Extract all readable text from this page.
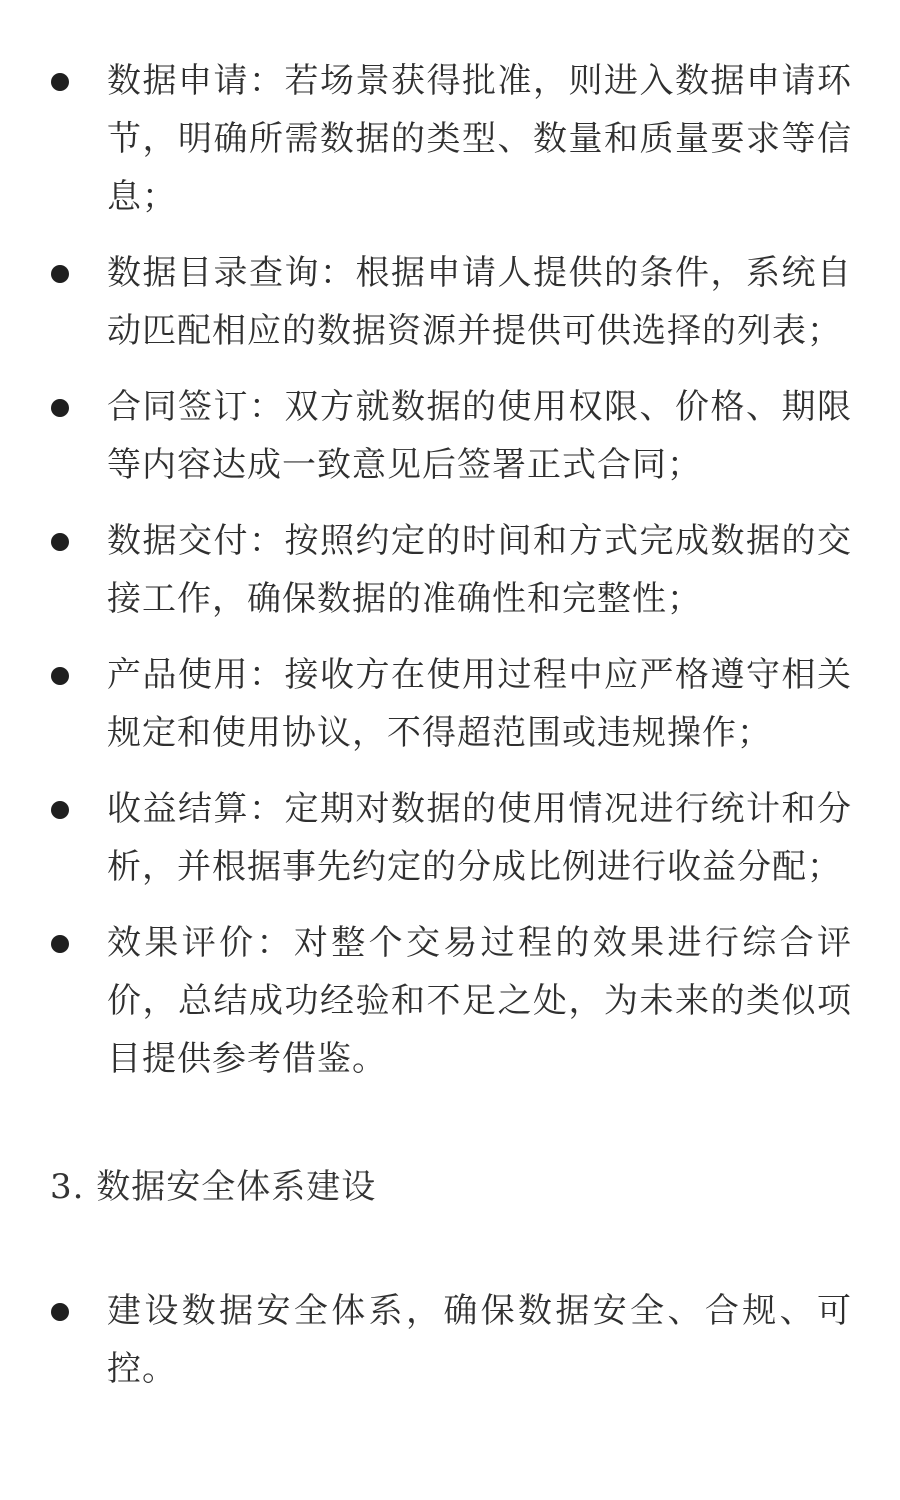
数据申请：若场景获得批准，则进入数据申请环节，明确所需数据的类型、数量和质量要求等信息；
数据目录查询：根据申请人提供的条件，系统自动匹配相应的数据资源并提供可供选择的列表；
合同签订：双方就数据的使用权限、价格、期限等内容达成一致意见后签署正式合同；
数据交付：按照约定的时间和方式完成数据的交接工作，确保数据的准确性和完整性；
产品使用：接收方在使用过程中应严格遵守相关规定和使用协议，不得超范围或违规操作；
收益结算：定期对数据的使用情况进行统计和分析，并根据事先约定的分成比例进行收益分配；
效果评价：对整个交易过程的效果进行综合评价，总结成功经验和不足之处，为未来的类似项目提供参考借鉴。
3. 数据安全体系建设
建设数据安全体系，确保数据安全、合规、可控。
